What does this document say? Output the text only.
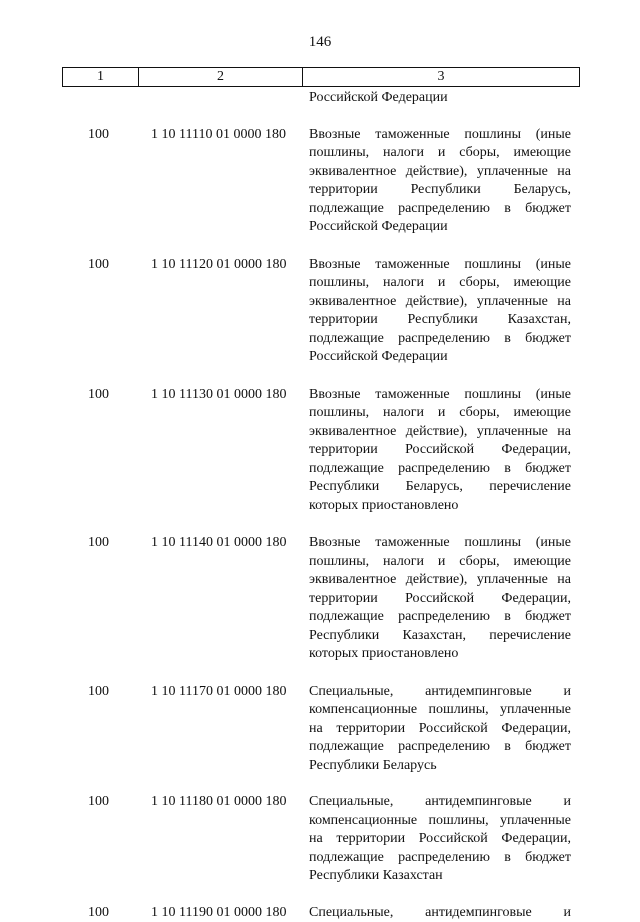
146
1	2	3
Российской Федерации
100	1 10 11110 01 0000 180	Ввозные таможенные пошлины (иные
пошлины, налоги и сборы, имеющие
эквивалентное действие), уплаченные на
территории Республики Беларусь,
подлежащие распределению в бюджет
Российской Федерации
100	1 10 11120 01 0000 180	Ввозные таможенные пошлины (иные
пошлины, налоги и сборы, имеющие
эквивалентное действие), уплаченные на
территории Республики Казахстан,
подлежащие распределению в бюджет
Российской Федерации
100	1 10 11130 01 0000 180	Ввозные таможенные пошлины (иные
пошлины, налоги и сборы, имеющие
эквивалентное действие), уплаченные на
территории Российской Федерации,
подлежащие распределению в бюджет
Республики Беларусь, перечисление
которых приостановлено
100	1 10 11140 01 0000 180	Ввозные таможенные пошлины (иные
пошлины, налоги и сборы, имеющие
эквивалентное действие), уплаченные на
территории Российской Федерации,
подлежащие распределению в бюджет
Республики Казахстан, перечисление
которых приостановлено
100	1 10 11170 01 0000 180	Специальные, антидемпинговые и
компенсационные пошлины, уплаченные
на территории Российской Федерации,
подлежащие распределению в бюджет
Республики Беларусь
100	1 10 11180 01 0000 180	Специальные, антидемпинговые и
компенсационные пошлины, уплаченные
на территории Российской Федерации,
подлежащие распределению в бюджет
Республики Казахстан
100	1 10 11190 01 0000 180	Специальные, антидемпинговые и
